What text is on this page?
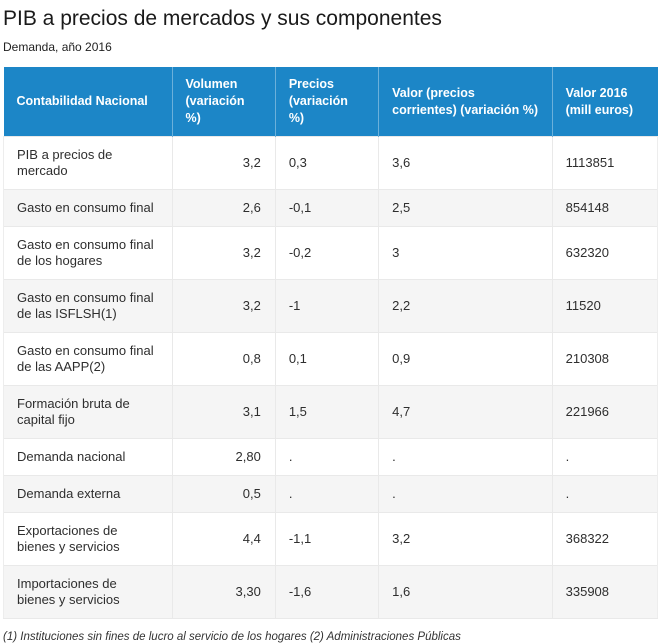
PIB a precios de mercados y sus componentes

Demanda, año 2016

Contabilidad Nacional	Volumen (variación %)	Precios (variación %)	Valor (precios corrientes) (variación %)	Valor 2016 (mill euros)
PIB a precios de mercado	3,2	0,3	3,6	1113851
Gasto en consumo final	2,6	-0,1	2,5	854148
Gasto en consumo final de los hogares	3,2	-0,2	3	632320
Gasto en consumo final de las ISFLSH(1)	3,2	-1	2,2	11520
Gasto en consumo final de las AAPP(2)	0,8	0,1	0,9	210308
Formación bruta de capital fijo	3,1	1,5	4,7	221966
Demanda nacional	2,80	.	.	.
Demanda externa	0,5	.	.	.
Exportaciones de bienes y servicios	4,4	-1,1	3,2	368322
Importaciones de bienes y servicios	3,30	-1,6	1,6	335908

(1) Instituciones sin fines de lucro al servicio de los hogares (2) Administraciones Públicas
